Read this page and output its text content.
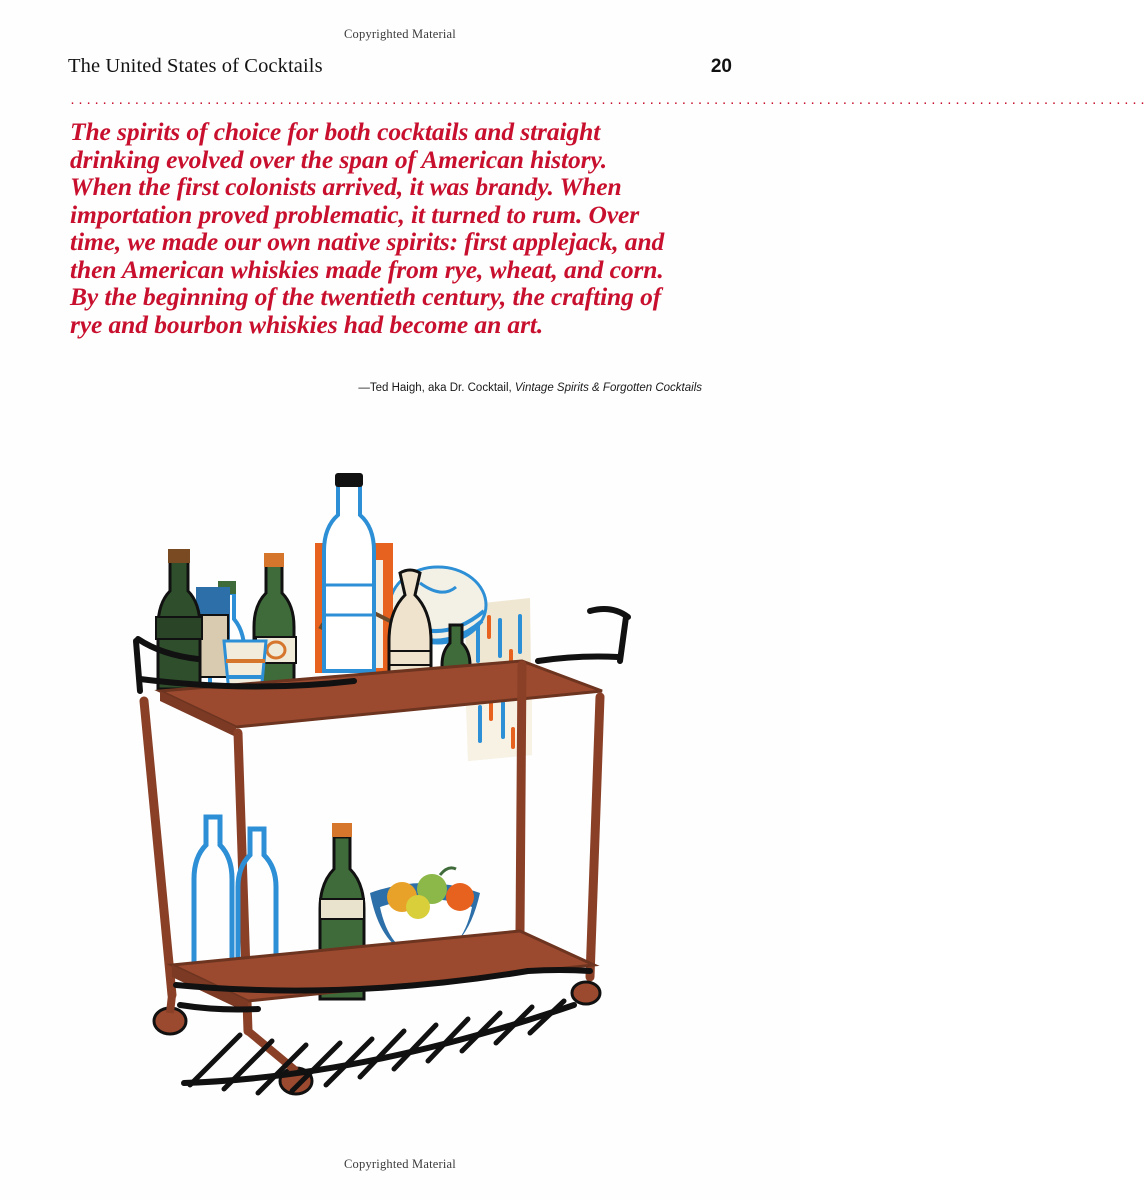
Copyrighted Material
The United States of Cocktails	20
······································································································································
The spirits of choice for both cocktails and straight drinking evolved over the span of American history. When the first colonists arrived, it was brandy. When importation proved problematic, it turned to rum. Over time, we made our own native spirits: first applejack, and then American whiskies made from rye, wheat, and corn. By the beginning of the twentieth century, the crafting of rye and bourbon whiskies had become an art.
—Ted Haigh, aka Dr. Cocktail, Vintage Spirits & Forgotten Cocktails
Copyrighted Material
